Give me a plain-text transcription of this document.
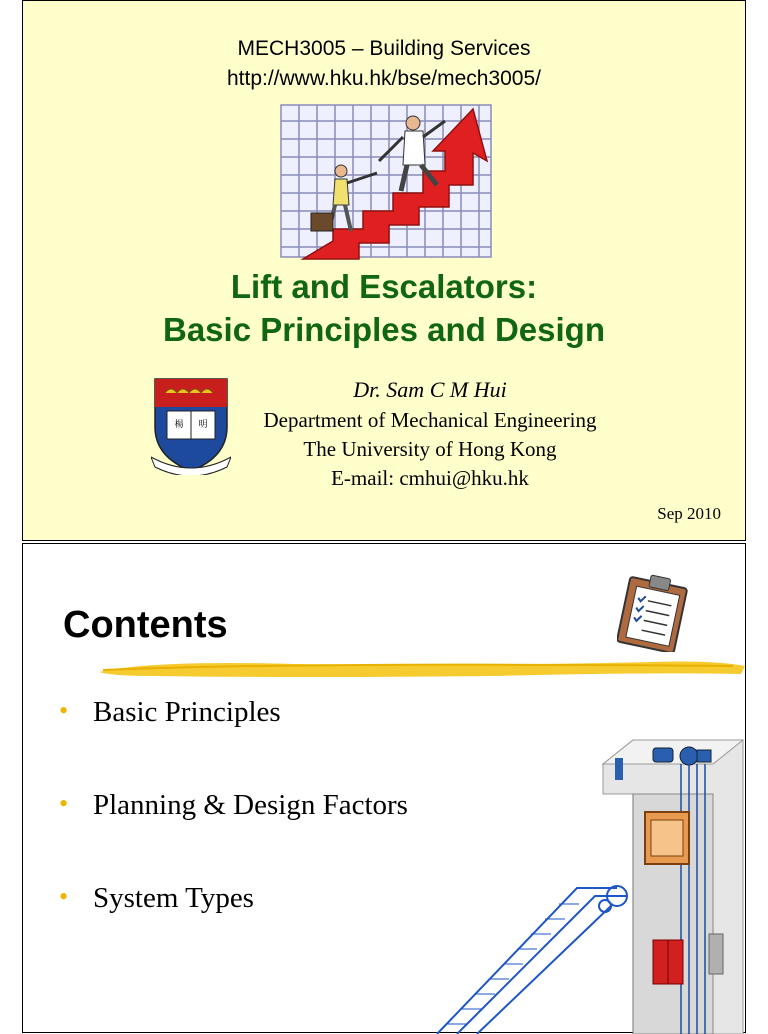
MECH3005 – Building Services
http://www.hku.hk/bse/mech3005/
Lift and Escalators:
Basic Principles and Design
楊 明
Dr. Sam C M Hui
Department of Mechanical Engineering
The University of Hong Kong
E-mail: cmhui@hku.hk
Sep 2010
Contents
• Basic Principles
• Planning & Design Factors
• System Types
